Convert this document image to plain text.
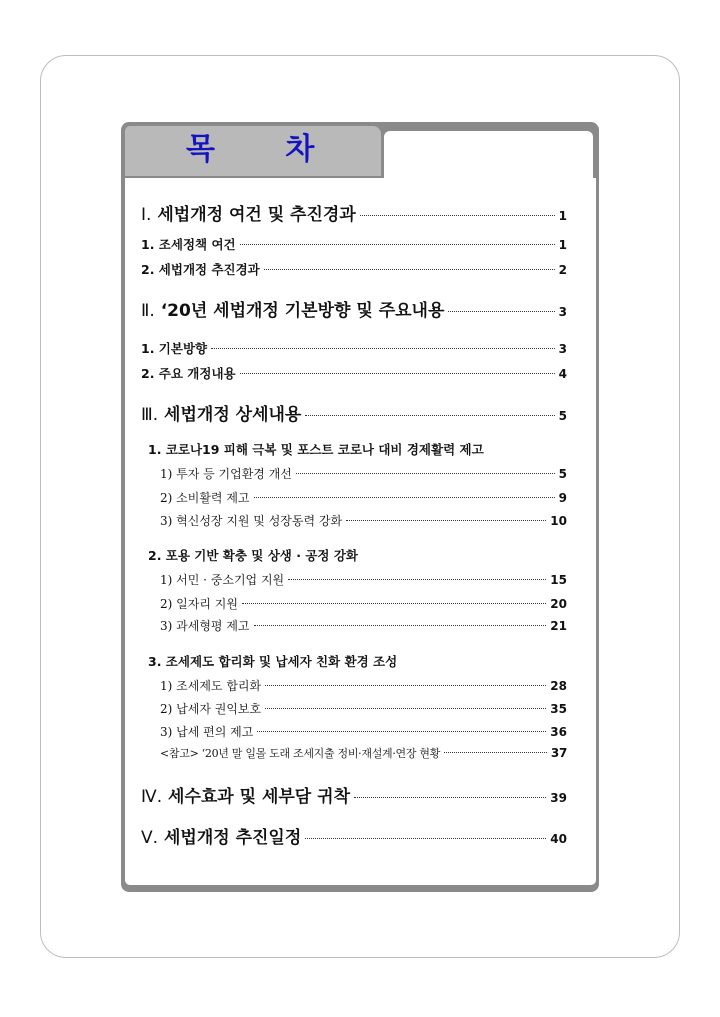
목 차
Ⅰ. 세법개정 여건 및 추진경과	1
1. 조세정책 여건	1
2. 세법개정 추진경과	2
Ⅱ. ‘20년 세법개정 기본방향 및 주요내용	3
1. 기본방향	3
2. 주요 개정내용	4
Ⅲ. 세법개정 상세내용	5
1. 코로나19 피해 극복 및 포스트 코로나 대비 경제활력 제고
1) 투자 등 기업환경 개선	5
2) 소비활력 제고	9
3) 혁신성장 지원 및 성장동력 강화	10
2. 포용 기반 확충 및 상생 · 공정 강화
1) 서민 · 중소기업 지원	15
2) 일자리 지원	20
3) 과세형평 제고	21
3. 조세제도 합리화 및 납세자 친화 환경 조성
1) 조세제도 합리화	28
2) 납세자 권익보호	35
3) 납세 편의 제고	36
<참고> ‘20년 말 일몰 도래 조세지출 정비·재설계·연장 현황	37
Ⅳ. 세수효과 및 세부담 귀착	39
Ⅴ. 세법개정 추진일정	40
